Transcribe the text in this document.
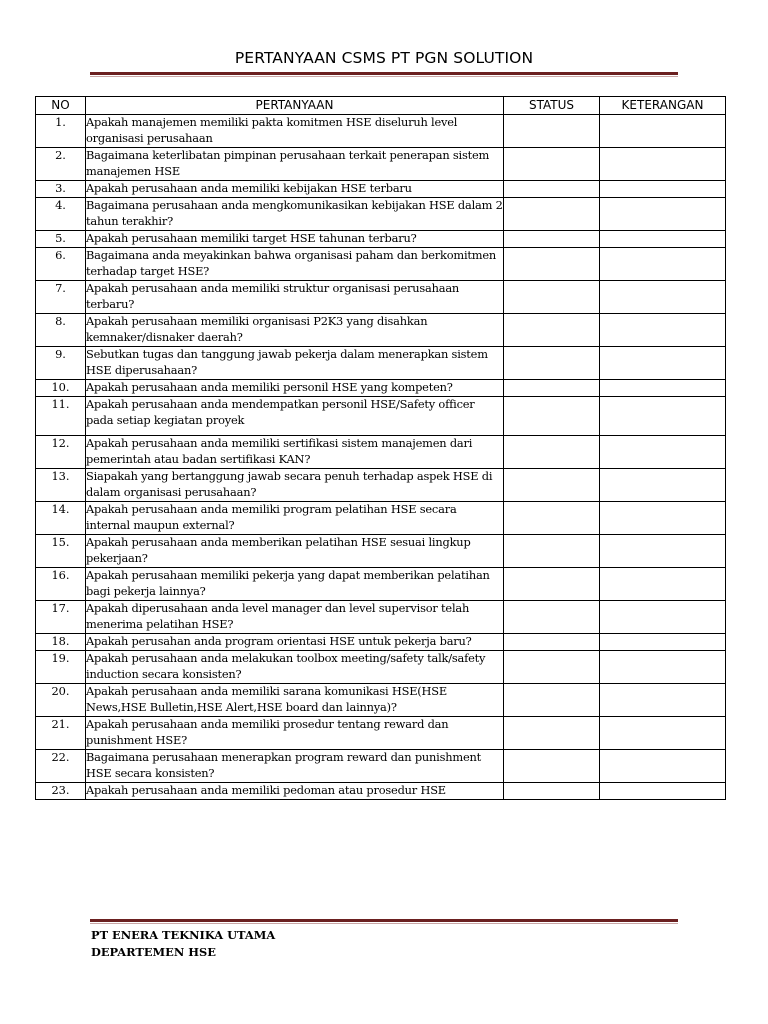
PERTANYAAN CSMS PT PGN SOLUTION
NO	PERTANYAAN	STATUS	KETERANGAN
1.	Apakah manajemen memiliki pakta komitmen HSE diseluruh level organisasi perusahaan		
2.	Bagaimana keterlibatan pimpinan perusahaan terkait penerapan sistem manajemen HSE		
3.	Apakah perusahaan anda memiliki kebijakan HSE terbaru		
4.	Bagaimana perusahaan anda mengkomunikasikan kebijakan HSE dalam 2 tahun terakhir?		
5.	Apakah perusahaan memiliki target HSE tahunan terbaru?		
6.	Bagaimana anda meyakinkan bahwa organisasi paham dan berkomitmen terhadap target HSE?		
7.	Apakah perusahaan anda memiliki struktur organisasi perusahaan terbaru?		
8.	Apakah perusahaan memiliki organisasi P2K3 yang disahkan kemnaker/disnaker daerah?		
9.	Sebutkan tugas dan tanggung jawab pekerja dalam menerapkan sistem HSE diperusahaan?		
10.	Apakah perusahaan anda memiliki personil HSE yang kompeten?		
11.	Apakah perusahaan anda mendempatkan personil HSE/Safety officer pada setiap kegiatan proyek		
12.	Apakah perusahaan anda memiliki sertifikasi sistem manajemen dari pemerintah atau badan sertifikasi KAN?		
13.	Siapakah yang bertanggung jawab secara penuh terhadap aspek HSE di dalam organisasi perusahaan?		
14.	Apakah perusahaan anda memiliki program pelatihan HSE secara internal maupun external?		
15.	Apakah perusahaan anda memberikan pelatihan HSE sesuai lingkup pekerjaan?		
16.	Apakah perusahaan memiliki pekerja yang dapat memberikan pelatihan bagi pekerja lainnya?		
17.	Apakah diperusahaan anda level manager dan level supervisor telah menerima pelatihan HSE?		
18.	Apakah perusahan anda program orientasi HSE untuk pekerja baru?		
19.	Apakah perusahaan anda melakukan toolbox meeting/safety talk/safety induction secara konsisten?		
20.	Apakah perusahaan anda memiliki sarana komunikasi HSE(HSE News,HSE Bulletin,HSE Alert,HSE board dan lainnya)?		
21.	Apakah perusahaan anda memiliki prosedur tentang reward dan punishment HSE?		
22.	Bagaimana perusahaan menerapkan program reward dan punishment HSE secara konsisten?		
23.	Apakah perusahaan anda memiliki pedoman atau prosedur HSE		
PT ENERA TEKNIKA UTAMA
DEPARTEMEN HSE
